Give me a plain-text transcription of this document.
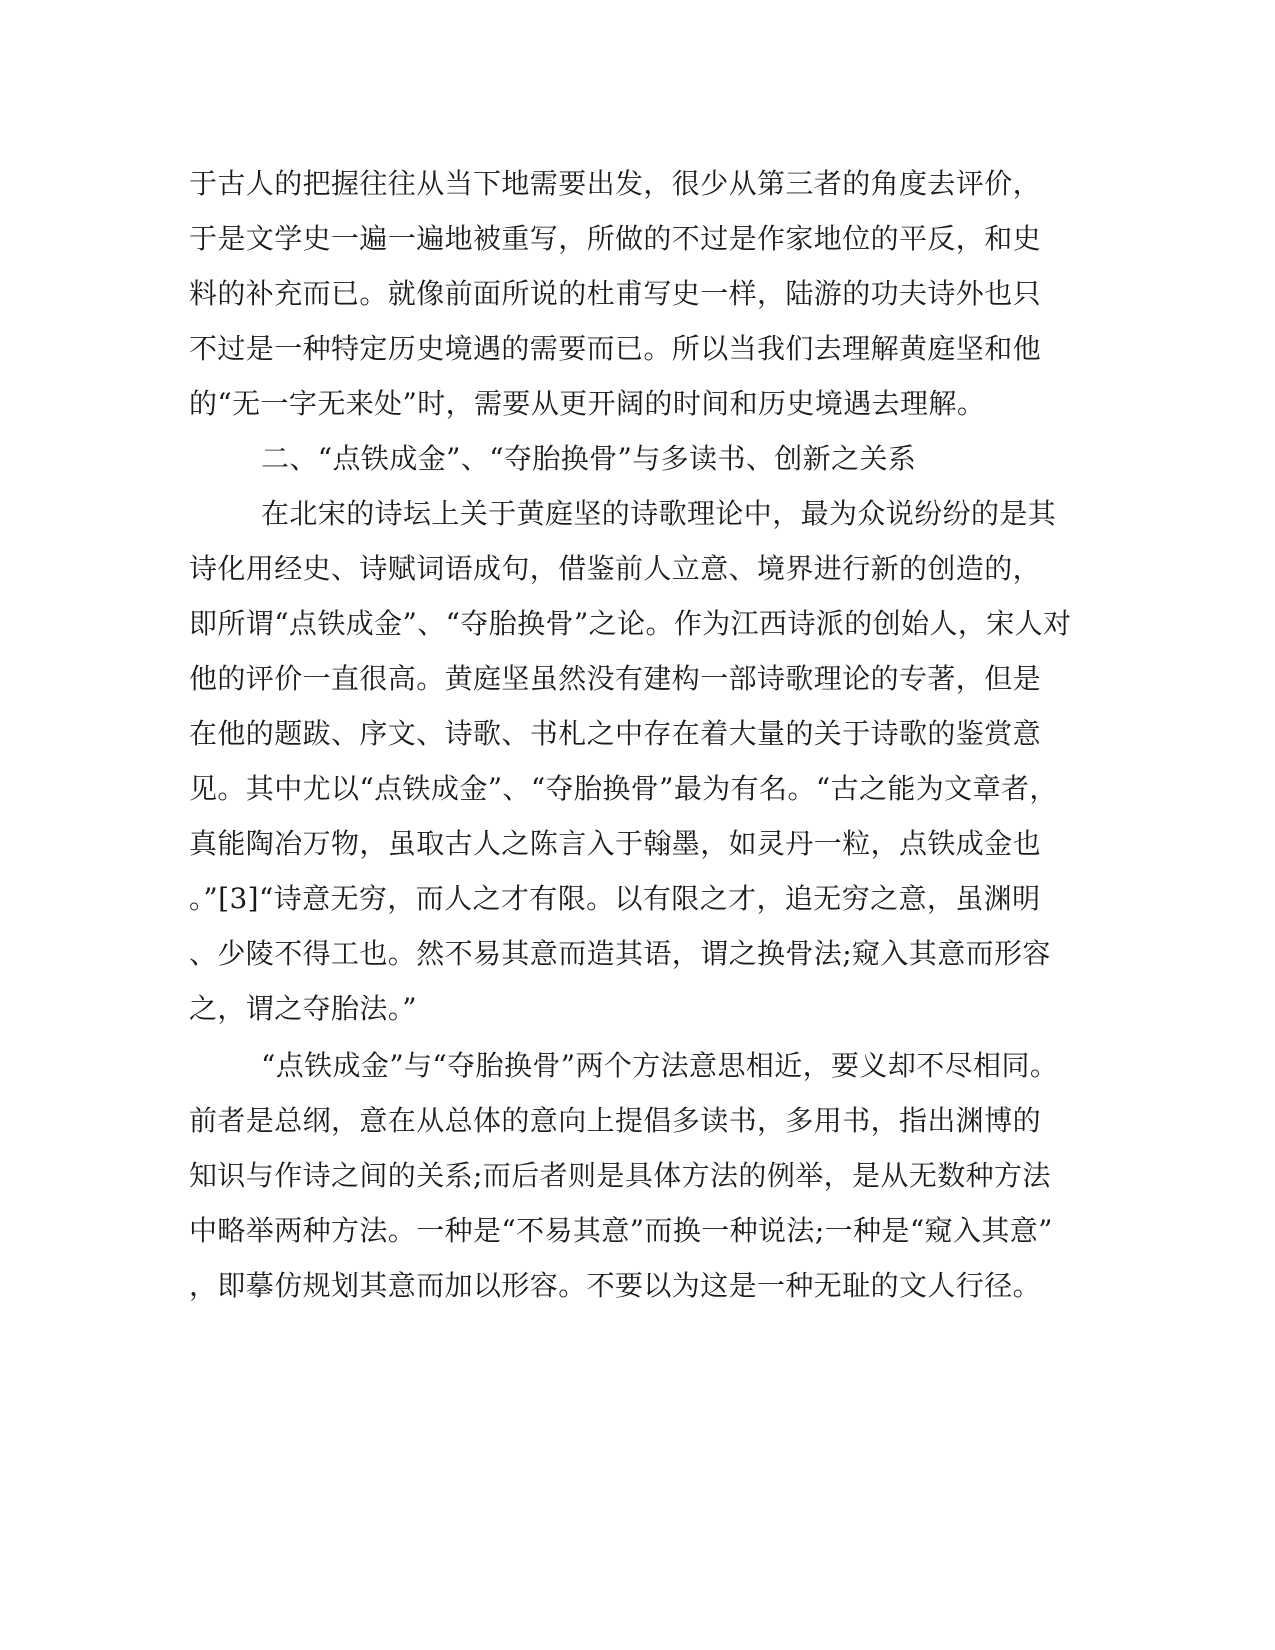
于古人的把握往往从当下地需要出发，很少从第三者的角度去评价，

于是文学史一遍一遍地被重写，所做的不过是作家地位的平反，和史

料的补充而已。就像前面所说的杜甫写史一样，陆游的功夫诗外也只

不过是一种特定历史境遇的需要而已。所以当我们去理解黄庭坚和他

的“无一字无来处”时，需要从更开阔的时间和历史境遇去理解。

二、“点铁成金”、“夺胎换骨”与多读书、创新之关系

在北宋的诗坛上关于黄庭坚的诗歌理论中，最为众说纷纷的是其

诗化用经史、诗赋词语成句，借鉴前人立意、境界进行新的创造的，

即所谓“点铁成金”、“夺胎换骨”之论。作为江西诗派的创始人，宋人对

他的评价一直很高。黄庭坚虽然没有建构一部诗歌理论的专著，但是

在他的题跋、序文、诗歌、书札之中存在着大量的关于诗歌的鉴赏意

见。其中尤以“点铁成金”、“夺胎换骨”最为有名。“古之能为文章者，

真能陶冶万物，虽取古人之陈言入于翰墨，如灵丹一粒，点铁成金也

。”[3]“诗意无穷，而人之才有限。以有限之才，追无穷之意，虽渊明

、少陵不得工也。然不易其意而造其语，谓之换骨法;窥入其意而形容

之，谓之夺胎法。”

“点铁成金”与“夺胎换骨”两个方法意思相近，要义却不尽相同。

前者是总纲，意在从总体的意向上提倡多读书，多用书，指出渊博的

知识与作诗之间的关系;而后者则是具体方法的例举，是从无数种方法

中略举两种方法。一种是“不易其意”而换一种说法;一种是“窥入其意”

，即摹仿规划其意而加以形容。不要以为这是一种无耻的文人行径。
